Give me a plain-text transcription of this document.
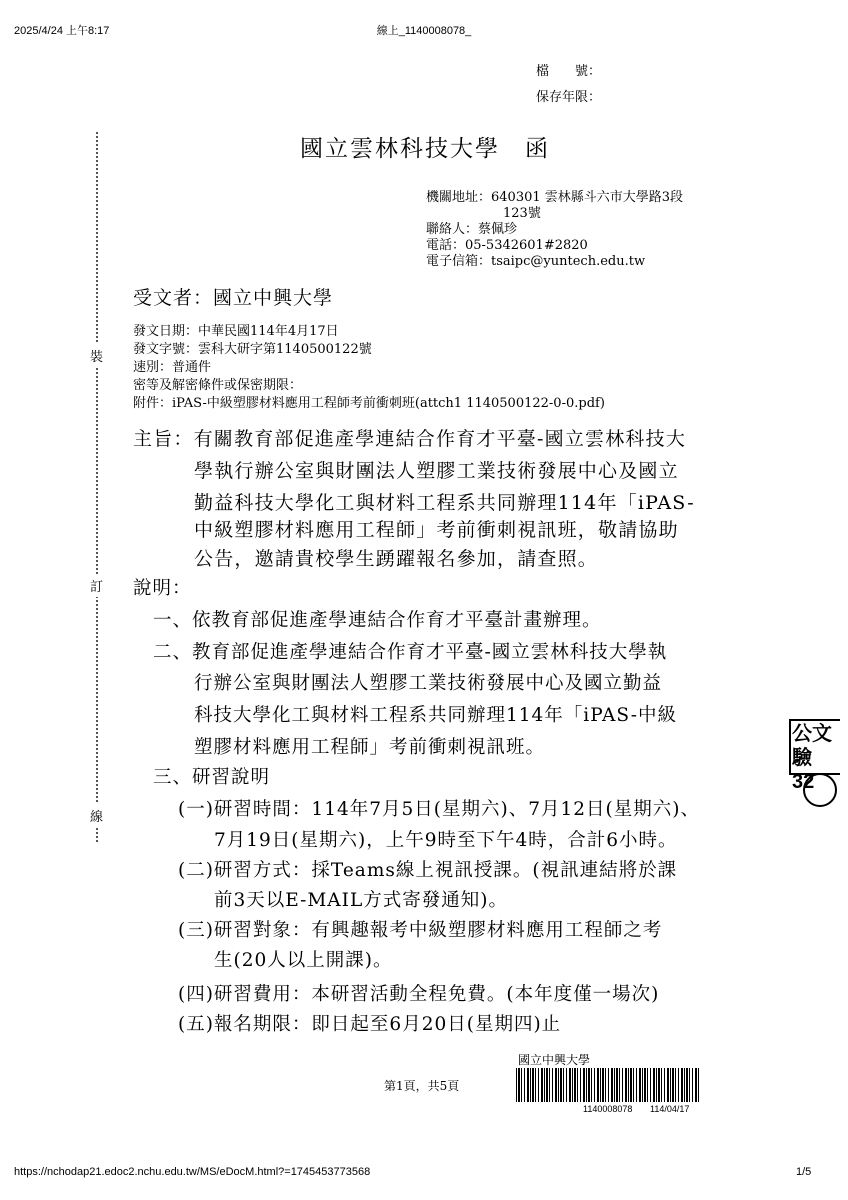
2025/4/24 上午8:17	線上_1140008078_
https://nchodap21.edoc2.nchu.edu.tw/MS/eDocM.html?=1745453773568	1/5
檔　　號：
保存年限：
裝
訂
線
國立雲林科技大學　函
機關地址：640301 雲林縣斗六市大學路3段
123號
聯絡人：蔡佩珍
電話：05-5342601#2820
電子信箱：tsaipc@yuntech.edu.tw
受文者：國立中興大學
發文日期：中華民國114年4月17日
發文字號：雲科大研字第1140500122號
速別：普通件
密等及解密條件或保密期限：
附件：iPAS-中級塑膠材料應用工程師考前衝刺班(attch1 1140500122-0-0.pdf)
主旨：有關教育部促進產學連結合作育才平臺-國立雲林科技大
學執行辦公室與財團法人塑膠工業技術發展中心及國立
勤益科技大學化工與材料工程系共同辦理114年「iPAS-
中級塑膠材料應用工程師」考前衝刺視訊班，敬請協助
公告，邀請貴校學生踴躍報名參加，請查照。
說明：
一、依教育部促進產學連結合作育才平臺計畫辦理。
二、教育部促進產學連結合作育才平臺-國立雲林科技大學執
行辦公室與財團法人塑膠工業技術發展中心及國立勤益
科技大學化工與材料工程系共同辦理114年「iPAS-中級
塑膠材料應用工程師」考前衝刺視訊班。
三、研習說明
(一)研習時間：114年7月5日(星期六)、7月12日(星期六)、
7月19日(星期六)，上午9時至下午4時，合計6小時。
(二)研習方式：採Teams線上視訊授課。(視訊連結將於課
前3天以E-MAIL方式寄發通知)。
(三)研習對象：有興趣報考中級塑膠材料應用工程師之考
生(20人以上開課)。
(四)研習費用：本研習活動全程免費。(本年度僅一場次)
(五)報名期限：即日起至6月20日(星期四)止
第1頁，共5頁
國立中興大學
1140008078 114/04/17
公文
驗
32
